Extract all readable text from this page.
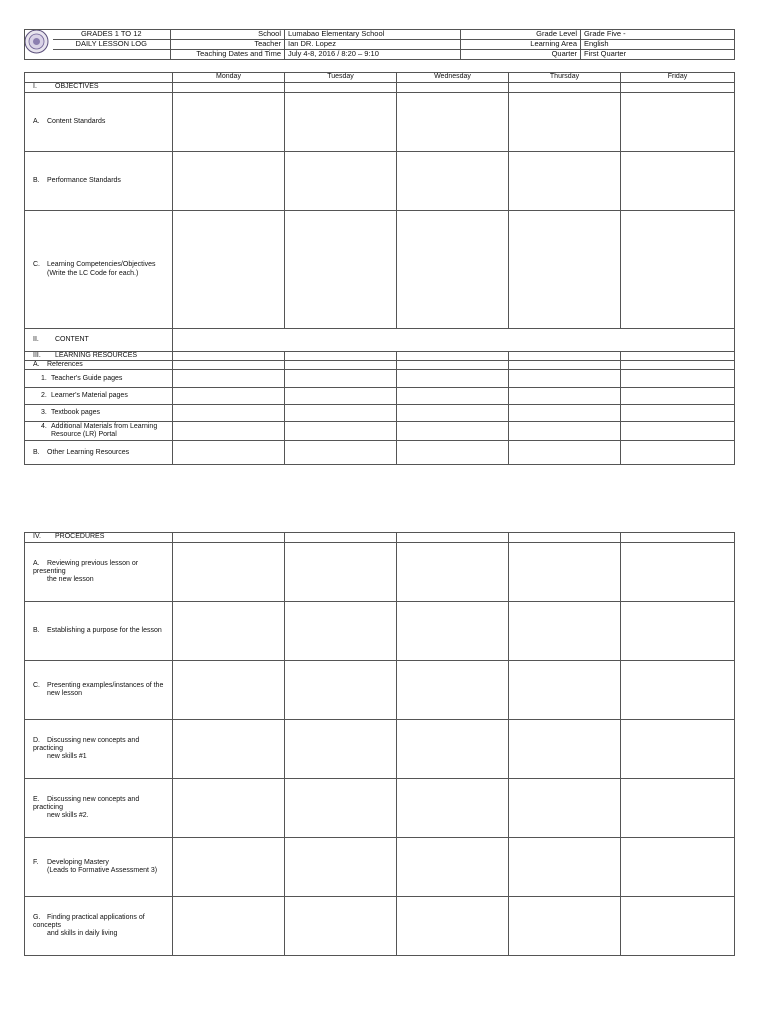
	GRADES 1 TO 12	School	Lumabao Elementary School	Grade Level	Grade Five -
	DAILY LESSON LOG	Teacher	Ian DR. Lopez	Learning Area	English
		Teaching Dates and Time	July 4-8, 2016 / 8:20 – 9:10	Quarter	First Quarter
	Monday	Tuesday	Wednesday	Thursday	Friday
I. OBJECTIVES					
A. Content Standards					
B. Performance Standards					
C. Learning Competencies/Objectives
(Write the LC Code for each.)					
II. CONTENT					
III. LEARNING RESOURCES					
A. References					
1. Teacher's Guide pages					
2. Learner's Material pages					
3. Textbook pages					
4. Additional Materials from Learning
Resource (LR) Portal					
B. Other Learning Resources					
IV. PROCEDURES					
A. Reviewing previous lesson or presenting
the new lesson					
B. Establishing a purpose for the lesson					
C. Presenting examples/instances of the
new lesson					
D. Discussing new concepts and practicing
new skills #1					
E. Discussing new concepts and practicing
new skills #2.					
F. Developing Mastery
(Leads to Formative Assessment 3)					
G. Finding practical applications of concepts
and skills in daily living					
